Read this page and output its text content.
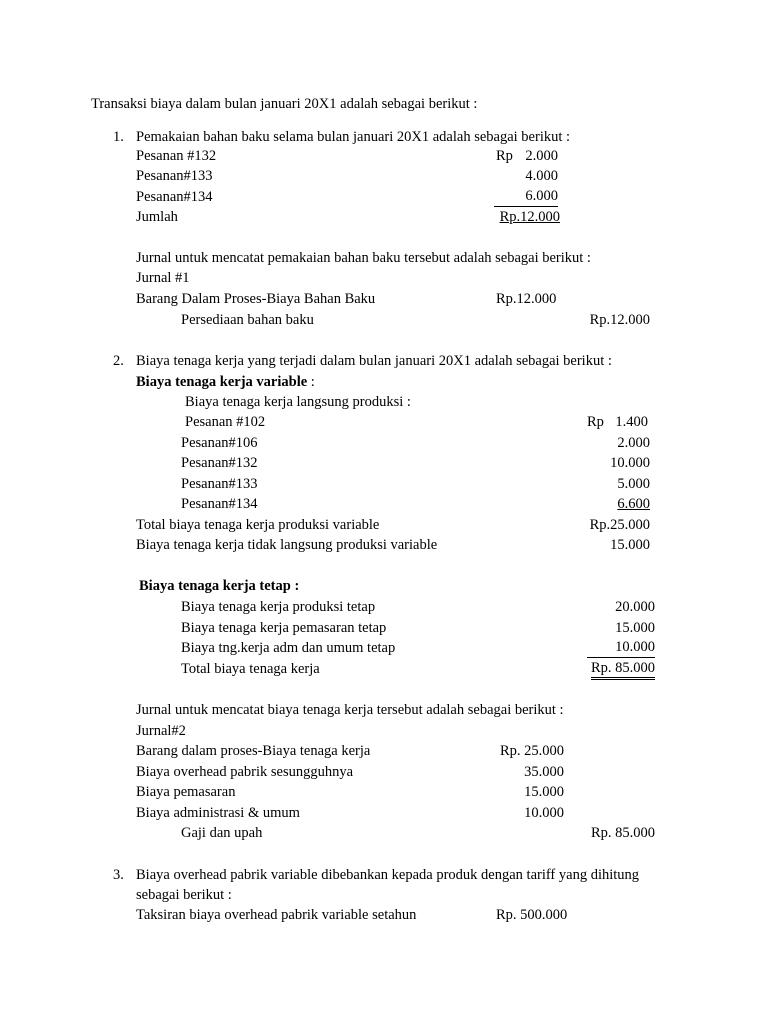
Transaksi biaya dalam bulan januari 20X1 adalah sebagai berikut :
1. Pemakaian bahan baku selama bulan januari 20X1 adalah sebagai berikut :
Pesanan #132	Rp 2.000
Pesanan#133	4.000
Pesanan#134	6.000
Jumlah	Rp.12.000
Jurnal untuk mencatat pemakaian bahan baku tersebut adalah sebagai berikut :
Jurnal #1
Barang Dalam Proses-Biaya Bahan Baku	Rp.12.000
Persediaan bahan baku	Rp.12.000
2. Biaya tenaga kerja yang terjadi dalam bulan januari 20X1 adalah sebagai berikut :
Biaya tenaga kerja variable :
Biaya tenaga kerja langsung produksi :
Pesanan #102	Rp 1.400
Pesanan#106	2.000
Pesanan#132	10.000
Pesanan#133	5.000
Pesanan#134	6.600
Total biaya tenaga kerja produksi variable	Rp.25.000
Biaya tenaga kerja tidak langsung produksi variable	15.000
Biaya tenaga kerja tetap :
Biaya tenaga kerja produksi tetap	20.000
Biaya tenaga kerja pemasaran tetap	15.000
Biaya tng.kerja adm dan umum tetap	10.000
Total biaya tenaga kerja	Rp. 85.000
Jurnal untuk mencatat biaya tenaga kerja tersebut adalah sebagai berikut :
Jurnal#2
Barang dalam proses-Biaya tenaga kerja	Rp. 25.000
Biaya overhead pabrik sesungguhnya	35.000
Biaya pemasaran	15.000
Biaya administrasi & umum	10.000
Gaji dan upah	Rp. 85.000
3. Biaya overhead pabrik variable dibebankan kepada produk dengan tariff yang dihitung
sebagai berikut :
Taksiran biaya overhead pabrik variable setahun	Rp. 500.000
